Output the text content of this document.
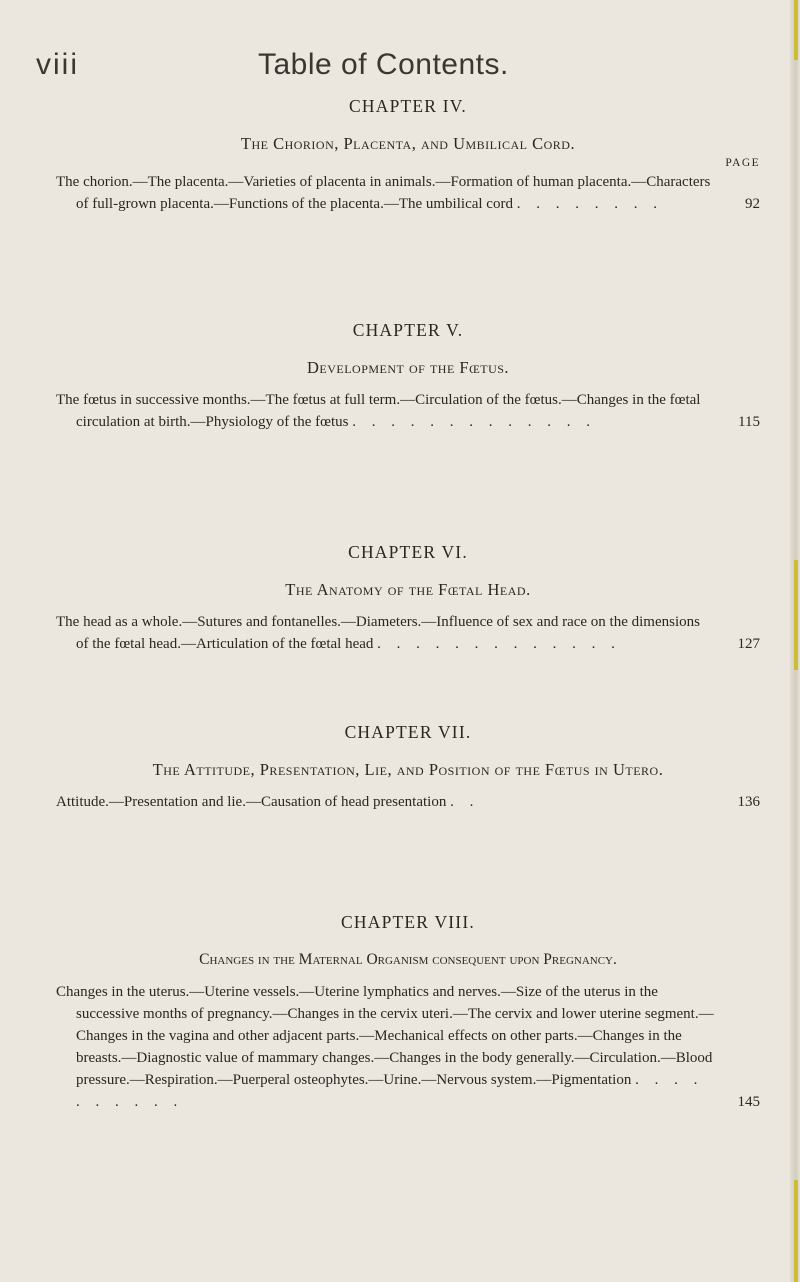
viii	Table of Contents.
CHAPTER IV.
The Chorion, Placenta, and Umbilical Cord.
PAGE
The chorion.—The placenta.—Varieties of placenta in animals.—Formation of human placenta.—Characters of full-grown placenta.—Functions of the placenta.—The umbilical cord . . . . . . . .	92
CHAPTER V.
Development of the Fœtus.
The fœtus in successive months.—The fœtus at full term.—Circulation of the fœtus.—Changes in the fœtal circulation at birth.—Physiology of the fœtus . . . . . . . . . . . . .	115
CHAPTER VI.
The Anatomy of the Fœtal Head.
The head as a whole.—Sutures and fontanelles.—Diameters.—Influence of sex and race on the dimensions of the fœtal head.—Articulation of the fœtal head . . . . . . . . . . . . .	127
CHAPTER VII.
The Attitude, Presentation, Lie, and Position of the Fœtus in Utero.
Attitude.—Presentation and lie.—Causation of head presentation . .	136
CHAPTER VIII.
Changes in the Maternal Organism consequent upon Pregnancy.
Changes in the uterus.—Uterine vessels.—Uterine lymphatics and nerves.—Size of the uterus in the successive months of pregnancy.—Changes in the cervix uteri.—The cervix and lower uterine segment.—Changes in the vagina and other adjacent parts.—Mechanical effects on other parts.—Changes in the breasts.—Diagnostic value of mammary changes.—Changes in the body generally.—Circulation.—Blood pressure.—Respiration.—Puerperal osteophytes.—Urine.—Nervous system.—Pigmentation . . . . . . . . . .	145
